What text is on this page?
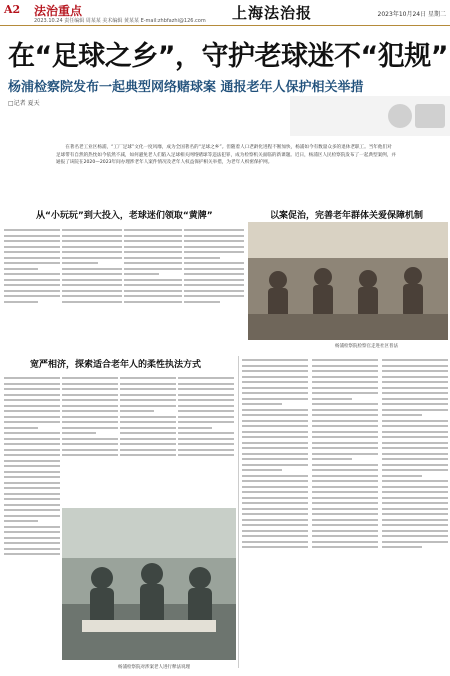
A2 法治重点
2023.10.24 责任编辑 周某某 美术编辑 黄某某 E-mail:zhbfazhi@126.com 上海法治报	2023年10月24日 星期二
在“足球之乡”，守护老球迷不“犯规”
杨浦检察院发布一起典型网络赌球案 通报老年人保护相关举措
□记者 夏天
在著名老工业区杨浦，“工厂足球”文化一度风靡，成为全国著名的“足球之乡”。但随着人口老龄化进程不断加快，杨浦如今有数量众多的退休老职工。当年他们对足球带有自然的热忱如今依然不减，如何避免老人们陷入足球相关网络赌球等违法犯罪，成为检察机关面临的新课题。近日，杨浦区人民检察院发布了一起典型案例，并通报了该院在2020—2023年间办理涉老年人案件情况及老年人权益保护相关举措，为老年人织密保护网。
从“小玩玩”到大投入，老球迷们领取“黄牌”	以案促治，完善老年群体关爱保障机制
杨浦检察院检察官走进社区普法
宽严相济，探索适合老年人的柔性执法方式
杨浦检察院对涉案老人进行释法说理
